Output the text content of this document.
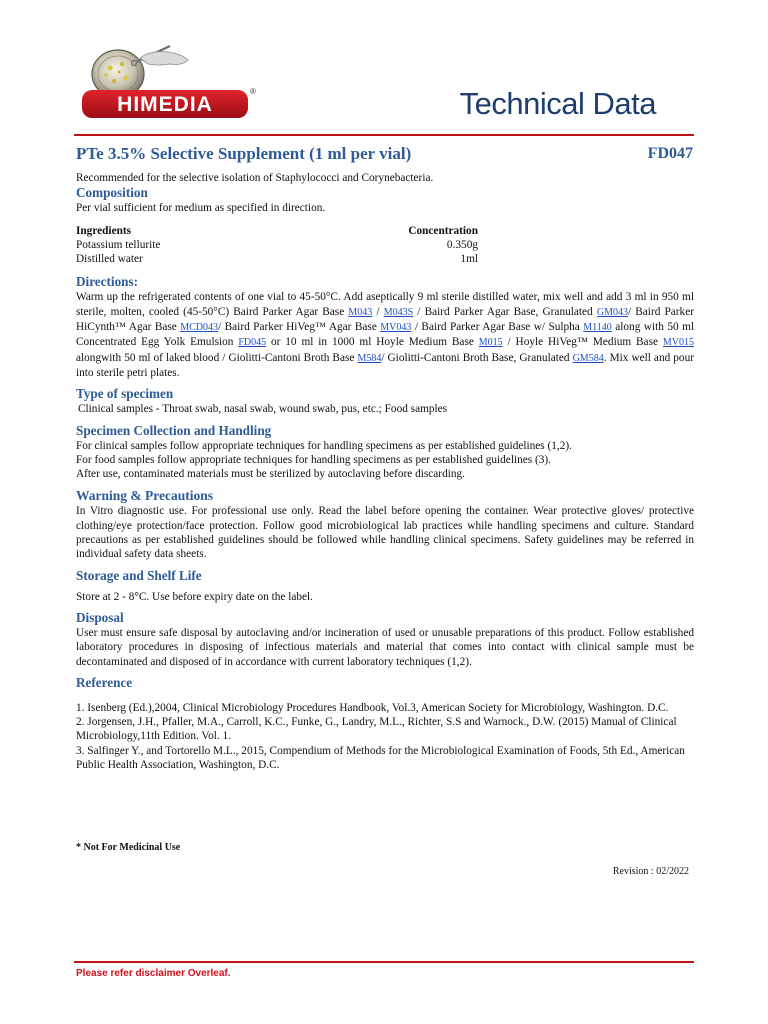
HIMEDIA
®	Technical Data
PTe 3.5% Selective Supplement (1 ml per vial)	FD047

Recommended for the selective isolation of Staphylococci and Corynebacteria.

Composition

Per vial sufficient for medium as specified in direction.

Ingredients	Concentration
Potassium tellurite	0.350g
Distilled water	1ml
Directions:

Warm up the refrigerated contents of one vial to 45-50°C. Add aseptically 9 ml sterile distilled water, mix well and add 3 ml in 950 ml sterile, molten, cooled (45-50°C) Baird Parker Agar Base M043 / M043S / Baird Parker Agar Base, Granulated GM043/ Baird Parker HiCynth™ Agar Base MCD043/ Baird Parker HiVeg™ Agar Base MV043 / Baird Parker Agar Base w/ Sulpha M1140 along with 50 ml Concentrated Egg Yolk Emulsion FD045 or 10 ml in 1000 ml Hoyle Medium Base M015 / Hoyle HiVeg™ Medium Base MV015 alongwith 50 ml of laked blood / Giolitti-Cantoni Broth Base M584/ Giolitti-Cantoni Broth Base, Granulated GM584. Mix well and pour into sterile petri plates.

Type of specimen

Clinical samples - Throat swab, nasal swab, wound swab, pus, etc.; Food samples

Specimen Collection and Handling

For clinical samples follow appropriate techniques for handling specimens as per established guidelines (1,2).

For food samples follow appropriate techniques for handling specimens as per established guidelines (3).

After use, contaminated materials must be sterilized by autoclaving before discarding.

Warning & Precautions

In Vitro diagnostic use. For professional use only. Read the label before opening the container. Wear protective gloves/ protective clothing/eye protection/face protection. Follow good microbiological lab practices while handling specimens and culture. Standard precautions as per established guidelines should be followed while handling clinical specimens. Safety guidelines may be referred in individual safety data sheets.

Storage and Shelf Life

Store at 2 - 8°C. Use before expiry date on the label.

Disposal

User must ensure safe disposal by autoclaving and/or incineration of used or unusable preparations of this product. Follow established laboratory procedures in disposing of infectious materials and material that comes into contact with clinical sample must be decontaminated and disposed of in accordance with current laboratory techniques (1,2).

Reference

1. Isenberg (Ed.),2004, Clinical Microbiology Procedures Handbook, Vol.3, American Society for Microbiology, Washington. D.C.

2. Jorgensen, J.H., Pfaller, M.A., Carroll, K.C., Funke, G., Landry, M.L., Richter, S.S and Warnock., D.W. (2015) Manual of Clinical Microbiology,11th Edition. Vol. 1.

3. Salfinger Y., and Tortorello M.L., 2015, Compendium of Methods for the Microbiological Examination of Foods, 5th Ed., American Public Health Association, Washington, D.C.

* Not For Medicinal Use
Revision : 02/2022
Please refer disclaimer Overleaf.
